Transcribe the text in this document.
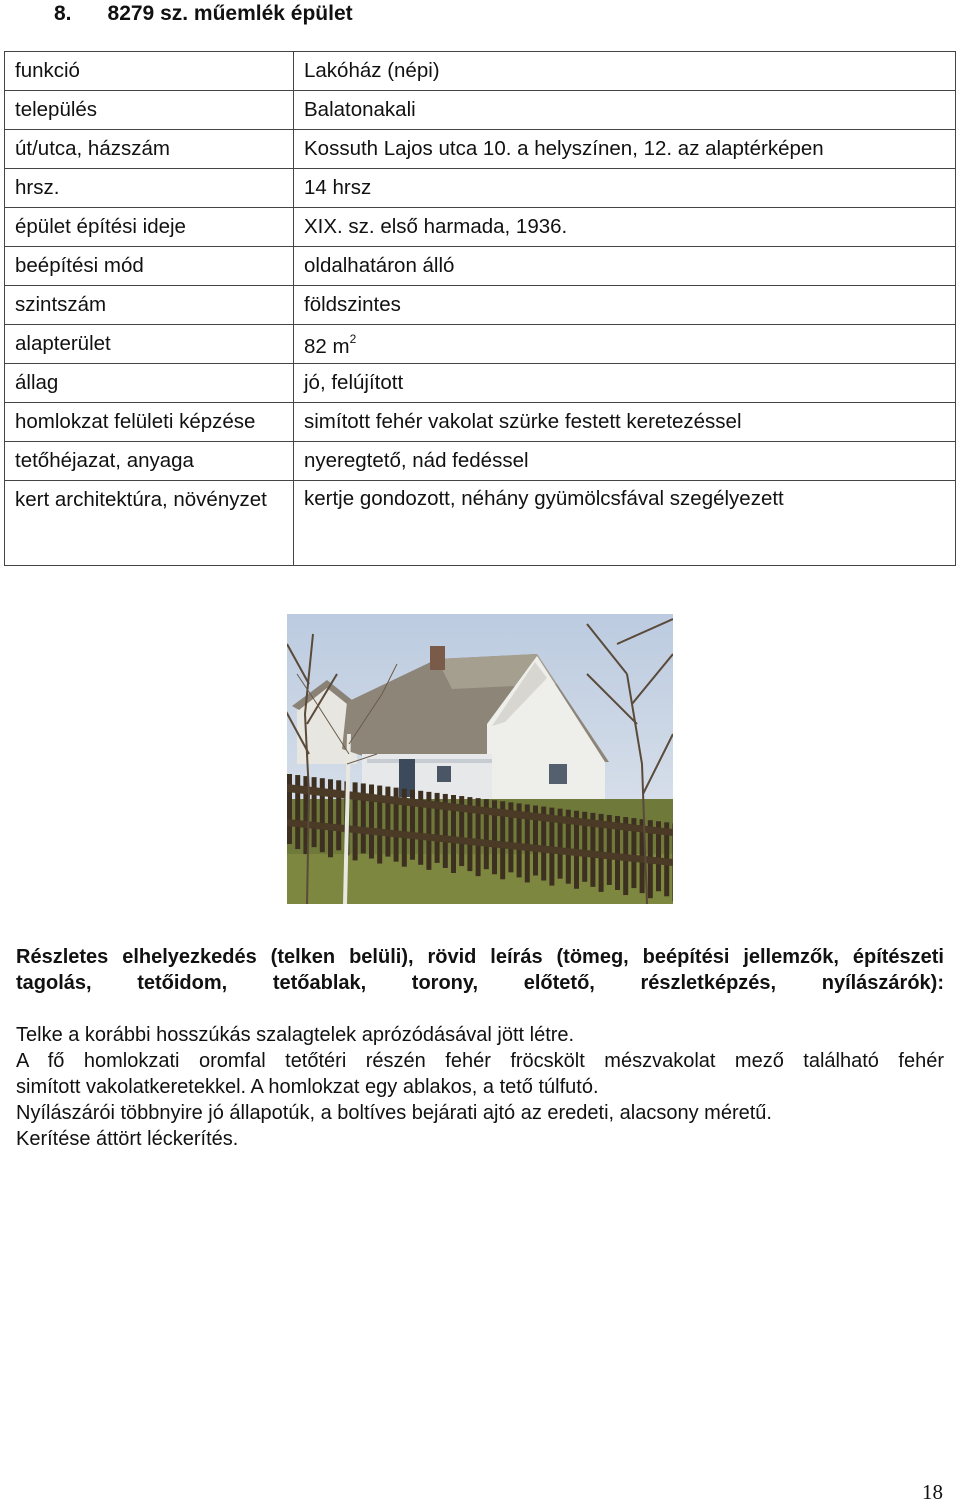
8. 8279 sz. műemlék épület
funkció	Lakóház (népi)
település	Balatonakali
út/utca, házszám	Kossuth Lajos utca 10. a helyszínen, 12. az alaptérképen
hrsz.	14 hrsz
épület építési ideje	XIX. sz. első harmada, 1936.
beépítési mód	oldalhatáron álló
szintszám	földszintes
alapterület	82 $m^2$
állag	jó, felújított
homlokzat felületi képzése	simított fehér vakolat szürke festett keretezéssel
tetőhéjazat, anyaga	nyeregtető, nád fedéssel
kert architektúra, növényzet	kertje gondozott, néhány gyümölcsfával szegélyezett
Részletes elhelyezkedés (telken belüli), rövid leírás (tömeg, beépítési jellemzők, építészeti tagolás, tetőidom, tetőablak, torony, előtető, részletképzés, nyílászárók):

Telke a korábbi hosszúkás szalagtelek aprózódásával jött létre.

A fő homlokzati oromfal tetőtéri részén fehér fröcskölt mészvakolat mező található fehér

simított vakolatkeretekkel. A homlokzat egy ablakos, a tető túlfutó.

Nyílászárói többnyire jó állapotúk, a boltíves bejárati ajtó az eredeti, alacsony méretű.

Kerítése áttört léckerítés.

18
